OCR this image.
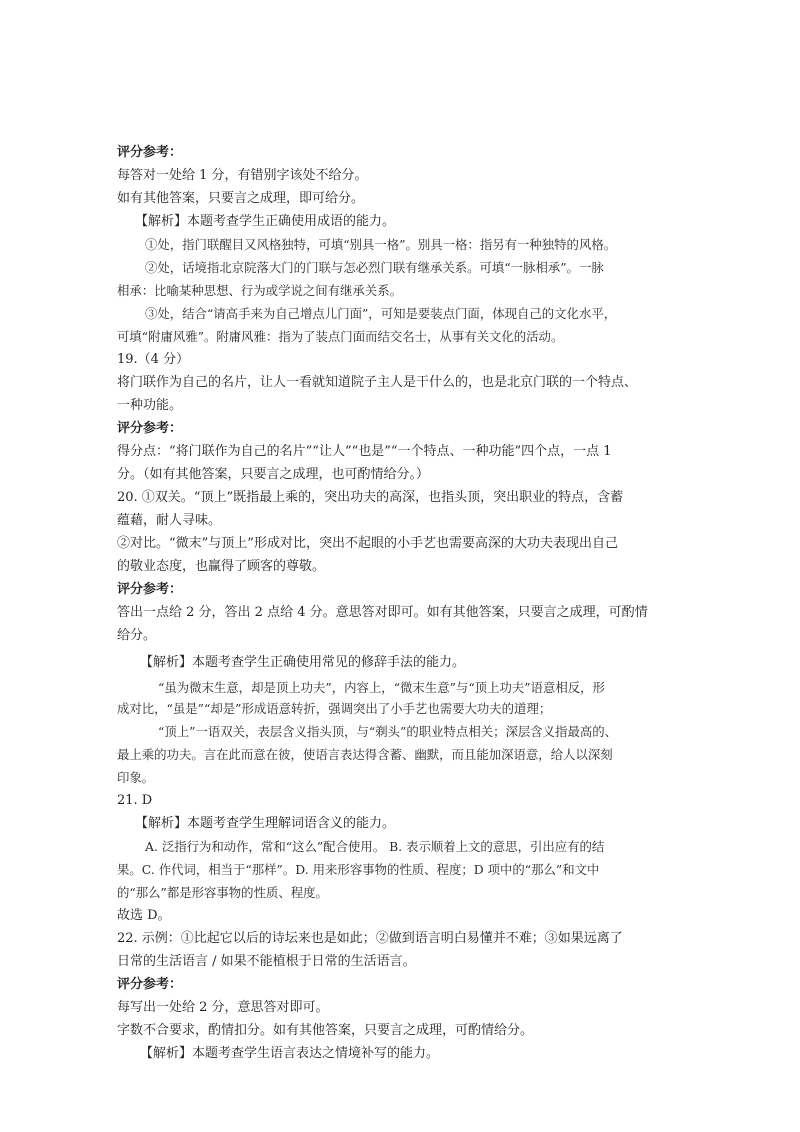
评分参考：
每答对一处给 1 分，有错别字该处不给分。
如有其他答案，只要言之成理，即可给分。
【解析】本题考查学生正确使用成语的能力。
①处，指门联醒目又风格独特，可填“别具一格”。别具一格：指另有一种独特的风格。
②处，话境指北京院落大门的门联与怎必烈门联有继承关系。可填“一脉相承”。一脉
相承：比喻某种思想、行为或学说之间有继承关系。
③处，结合“请高手来为自己增点儿门面”，可知是要装点门面，体现自己的文化水平，
可填“附庸风雅”。附庸风雅：指为了装点门面而结交名士，从事有关文化的活动。
19.（4 分）
将门联作为自己的名片，让人一看就知道院子主人是干什么的，也是北京门联的一个特点、
一种功能。
评分参考：
得分点：“将门联作为自己的名片”“让人”“也是”“一个特点、一种功能”四个点，一点 1
分。（如有其他答案，只要言之成理，也可酌情给分。）
20. ①双关。“顶上”既指最上乘的，突出功夫的高深，也指头顶，突出职业的特点，含蓄
蕴藉，耐人寻味。
②对比。“微末”与顶上”形成对比，突出不起眼的小手艺也需要高深的大功夫表现出自己
的敬业态度，也赢得了顾客的尊敬。
评分参考：
答出一点给 2 分，答出 2 点给 4 分。意思答对即可。如有其他答案，只要言之成理，可酌情
给分。
【解析】本题考查学生正确使用常见的修辞手法的能力。
“虽为微末生意，却是顶上功夫”，内容上，“微末生意”与“顶上功夫”语意相反，形
成对比，“虽是”“却是”形成语意转折，强调突出了小手艺也需要大功夫的道理；
“顶上”一语双关，表层含义指头顶，与“剃头”的职业特点相关；深层含义指最高的、
最上乘的功夫。言在此而意在彼，使语言表达得含蓄、幽默，而且能加深语意，给人以深刻
印象。
21. D
【解析】本题考查学生理解词语含义的能力。
A. 泛指行为和动作，常和“这么”配合使用。 B. 表示顺着上文的意思，引出应有的结
果。C. 作代词，相当于“那样”。D. 用来形容事物的性质、程度；D 项中的“那么”和文中
的“那么”都是形容事物的性质、程度。
故选 D。
22. 示例：①比起它以后的诗坛来也是如此；②做到语言明白易懂并不难；③如果远离了
日常的生活语言 / 如果不能植根于日常的生活语言。
评分参考：
每写出一处给 2 分，意思答对即可。
字数不合要求，酌情扣分。如有其他答案，只要言之成理，可酌情给分。
【解析】本题考查学生语言表达之情境补写的能力。
